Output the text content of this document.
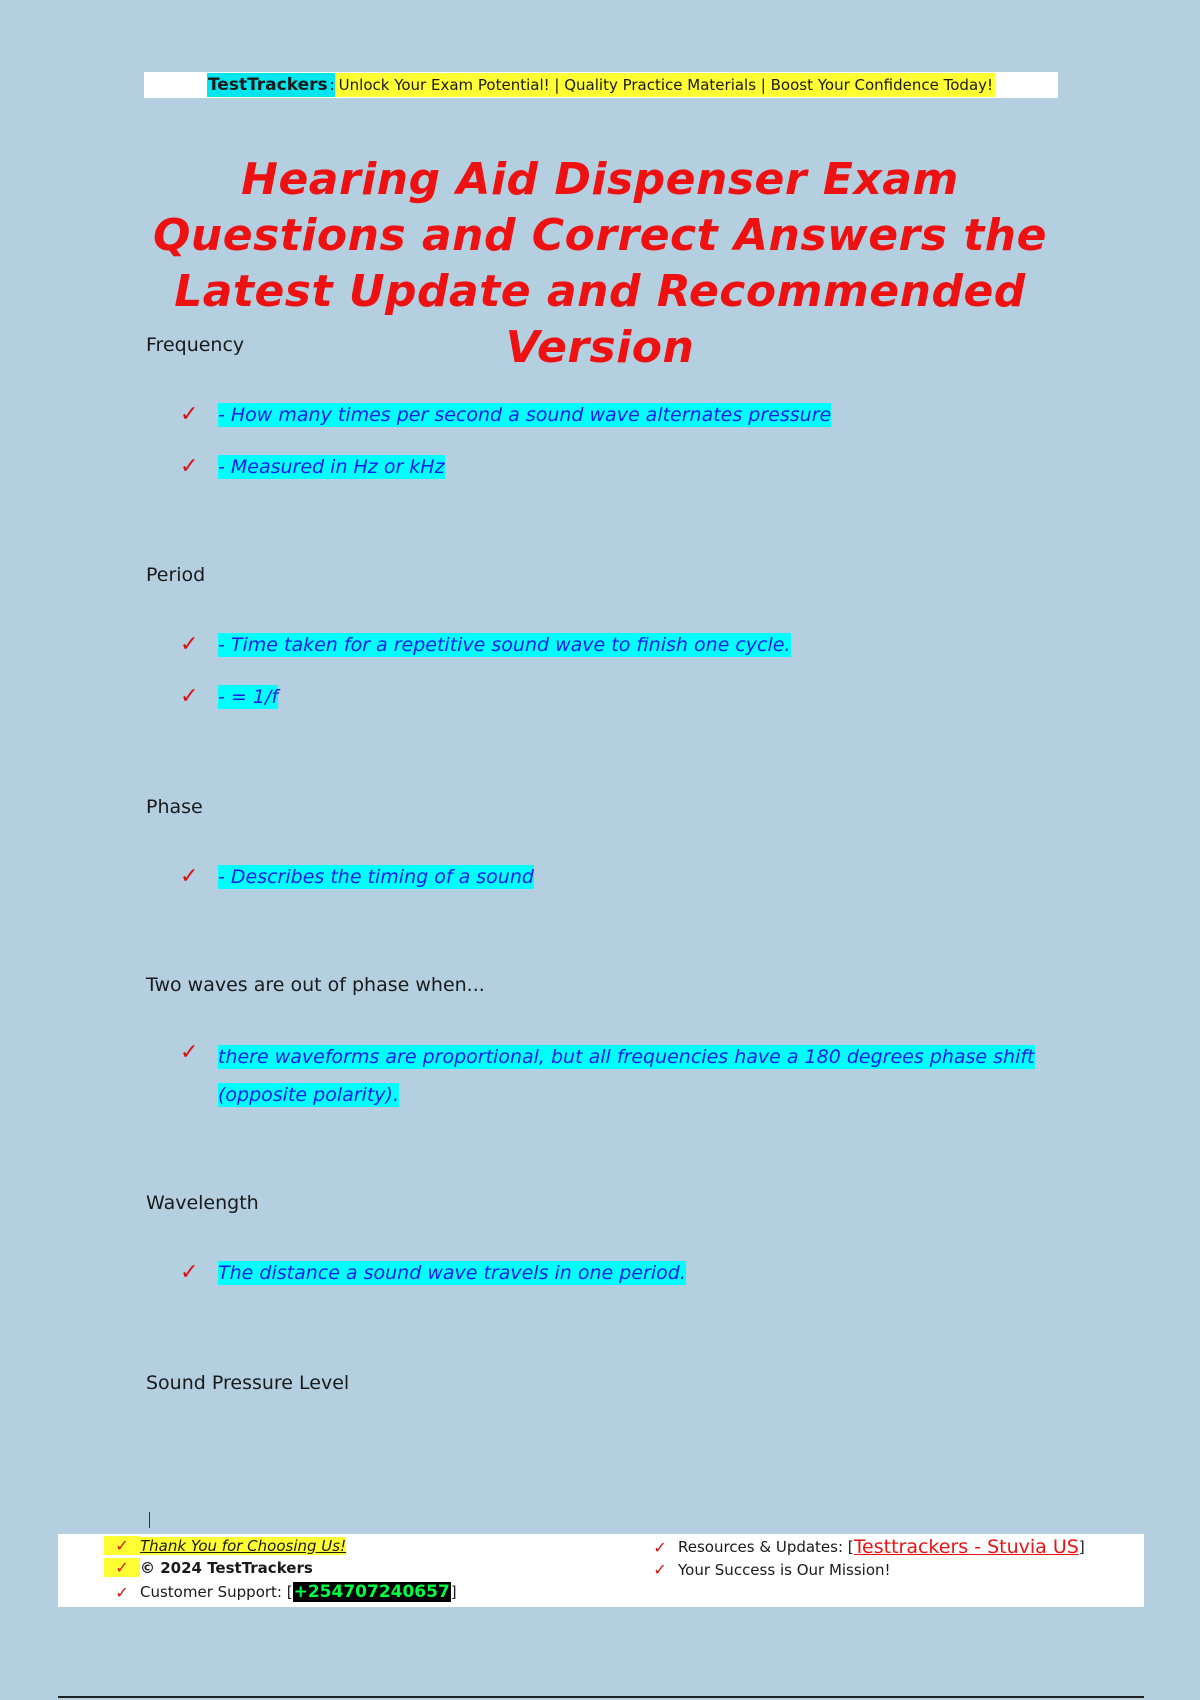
TestTrackers : Unlock Your Exam Potential! | Quality Practice Materials | Boost Your Confidence Today!
Hearing Aid Dispenser Exam Questions and Correct Answers the Latest Update and Recommended Version
Frequency
✓	- How many times per second a sound wave alternates pressure
✓	- Measured in Hz or kHz
Period
✓	- Time taken for a repetitive sound wave to finish one cycle.
✓	- = 1/f
Phase
✓	- Describes the timing of a sound
Two waves are out of phase when...
✓	there waveforms are proportional, but all frequencies have a 180 degrees phase shift
(opposite polarity).
Wavelength
✓	The distance a sound wave travels in one period.
Sound Pressure Level
✓ Thank You for Choosing Us!
✓ © 2024 TestTrackers
✓ Customer Support: [ +254707240657 ]
✓ Resources & Updates: [ Testtrackers - Stuvia US ]
✓ Your Success is Our Mission!
